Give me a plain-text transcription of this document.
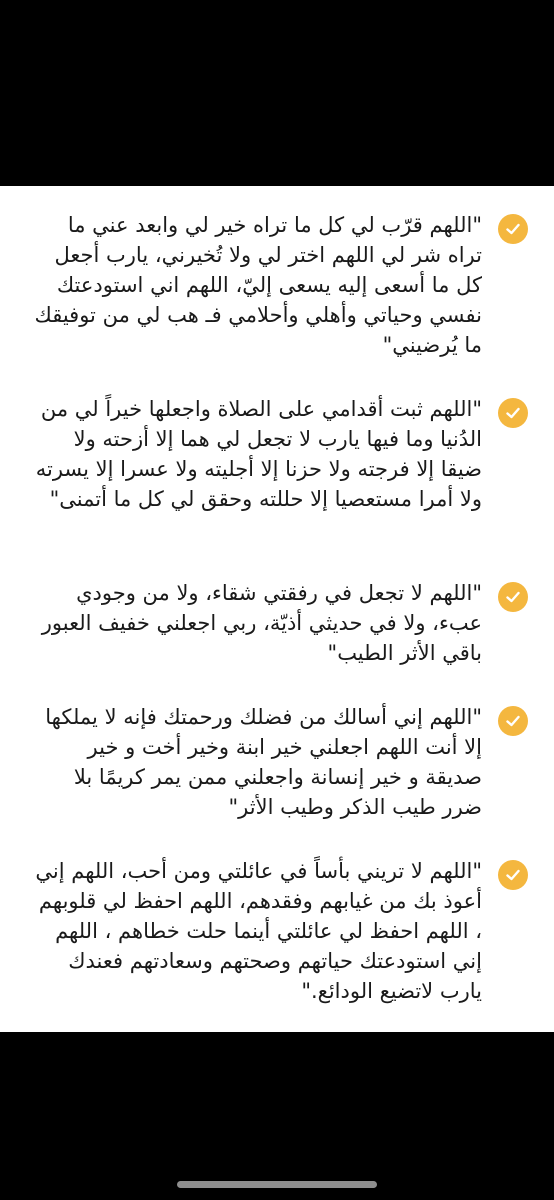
"اللهم قرّب لي كل ما تراه خير لي وابعد عني ما تراه شر لي اللهم اختر لي ولا تُخيرني، يارب أجعل كل ما أسعى إليه يسعى إليّ، اللهم اني استودعتك نفسي وحياتي وأهلي وأحلامي فـ هب لي من توفيقك ما يُرضيني"

"اللهم ثبت أقدامي على الصلاة واجعلها خيراً لي من الدُنيا وما فيها يارب لا تجعل لي هما إلا أزحته ولا ضيقا إلا فرجته ولا حزنا إلا أجليته ولا عسرا إلا يسرته ولا أمرا مستعصيا إلا حللته وحقق لي كل ما أتمنى"

"اللهم لا تجعل في رفقتي شقاء، ولا من وجودي عبء، ولا في حديثي أذيّة، ربي اجعلني خفيف العبور باقي الأثر الطيب"

"اللهم إني أسالك من فضلك ورحمتك فإنه لا يملكها إلا أنت اللهم اجعلني خير ابنة وخير أخت و خير صديقة و خير إنسانة واجعلني ممن يمر كريمًا بلا ضرر طيب الذكر وطيب الأثر"

"اللهم لا تريني بأساً في عائلتي ومن أحب، اللهم إني أعوذ بك من غيابهم وفقدهم، اللهم احفظ لي قلوبهم ، اللهم احفظ لي عائلتي أينما حلت خطاهم ، اللهم إني استودعتك حياتهم وصحتهم وسعادتهم فعندك يارب لاتضيع الودائع."
